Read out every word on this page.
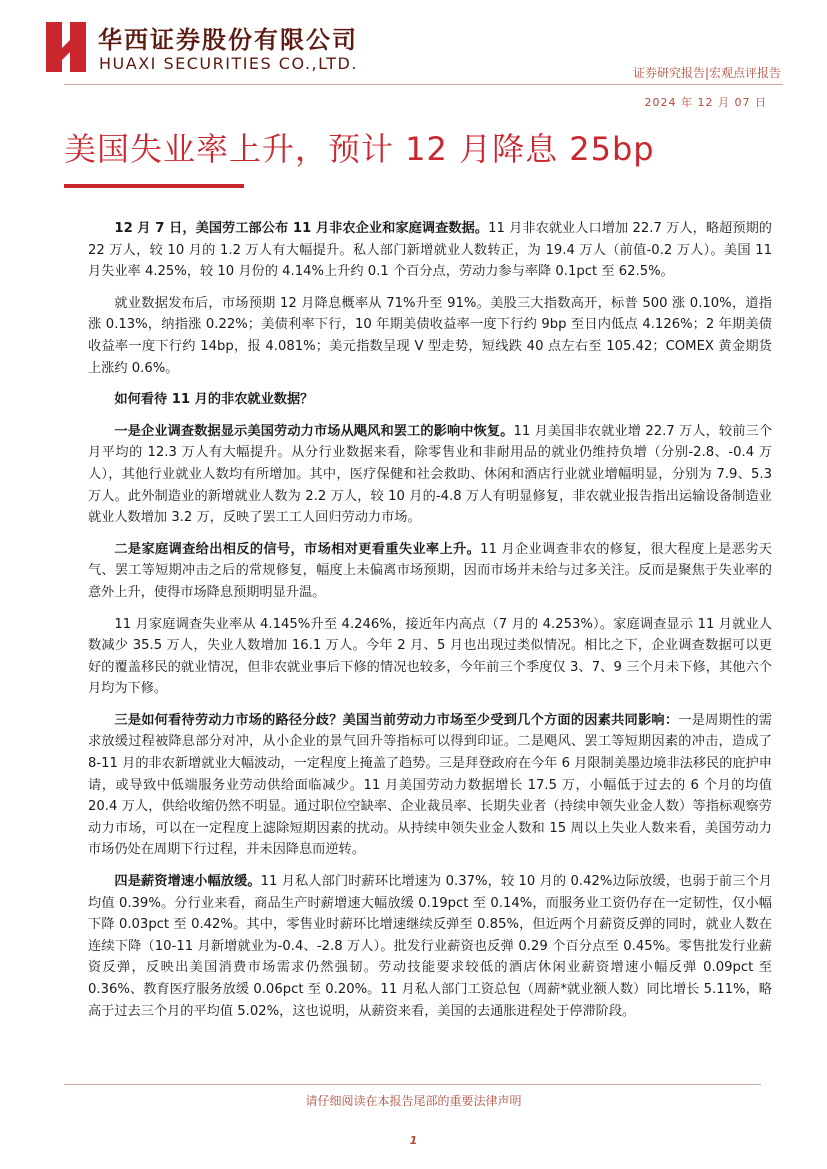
华西证券股份有限公司
HUAXI SECURITIES CO.,LTD.	证券研究报告|宏观点评报告
2024 年 12 月 07 日
美国失业率上升，预计 12 月降息 25bp

12 月 7 日，美国劳工部公布 11 月非农企业和家庭调查数据。11 月非农就业人口增加 22.7 万人，略超预期的 22 万人，较 10 月的 1.2 万人有大幅提升。私人部门新增就业人数转正，为 19.4 万人（前值-0.2 万人）。美国 11 月失业率 4.25%，较 10 月份的 4.14%上升约 0.1 个百分点，劳动力参与率降 0.1pct 至 62.5%。

就业数据发布后，市场预期 12 月降息概率从 71%升至 91%。美股三大指数高开，标普 500 涨 0.10%，道指涨 0.13%，纳指涨 0.22%；美债利率下行，10 年期美债收益率一度下行约 9bp 至日内低点 4.126%；2 年期美债收益率一度下行约 14bp，报 4.081%；美元指数呈现 V 型走势，短线跌 40 点左右至 105.42；COMEX 黄金期货上涨约 0.6%。

如何看待 11 月的非农就业数据？

一是企业调查数据显示美国劳动力市场从飓风和罢工的影响中恢复。11 月美国非农就业增 22.7 万人，较前三个月平均的 12.3 万人有大幅提升。从分行业数据来看，除零售业和非耐用品的就业仍维持负增（分别-2.8、-0.4 万人），其他行业就业人数均有所增加。其中，医疗保健和社会救助、休闲和酒店行业就业增幅明显，分别为 7.9、5.3 万人。此外制造业的新增就业人数为 2.2 万人，较 10 月的-4.8 万人有明显修复，非农就业报告指出运输设备制造业就业人数增加 3.2 万，反映了罢工工人回归劳动力市场。

二是家庭调查给出相反的信号，市场相对更看重失业率上升。11 月企业调查非农的修复，很大程度上是恶劣天气、罢工等短期冲击之后的常规修复，幅度上未偏离市场预期，因而市场并未给与过多关注。反而是聚焦于失业率的意外上升，使得市场降息预期明显升温。

11 月家庭调查失业率从 4.145%升至 4.246%，接近年内高点（7 月的 4.253%）。家庭调查显示 11 月就业人数减少 35.5 万人，失业人数增加 16.1 万人。今年 2 月、5 月也出现过类似情况。相比之下，企业调查数据可以更好的覆盖移民的就业情况，但非农就业事后下修的情况也较多，今年前三个季度仅 3、7、9 三个月未下修，其他六个月均为下修。

三是如何看待劳动力市场的路径分歧？美国当前劳动力市场至少受到几个方面的因素共同影响：一是周期性的需求放缓过程被降息部分对冲，从小企业的景气回升等指标可以得到印证。二是飓风、罢工等短期因素的冲击，造成了 8-11 月的非农新增就业大幅波动，一定程度上掩盖了趋势。三是拜登政府在今年 6 月限制美墨边境非法移民的庇护申请，或导致中低端服务业劳动供给面临减少。11 月美国劳动力数据增长 17.5 万，小幅低于过去的 6 个月的均值 20.4 万人，供给收缩仍然不明显。通过职位空缺率、企业裁员率、长期失业者（持续申领失业金人数）等指标观察劳动力市场，可以在一定程度上滤除短期因素的扰动。从持续申领失业金人数和 15 周以上失业人数来看，美国劳动力市场仍处在周期下行过程，并未因降息而逆转。

四是薪资增速小幅放缓。11 月私人部门时薪环比增速为 0.37%，较 10 月的 0.42%边际放缓，也弱于前三个月均值 0.39%。分行业来看，商品生产时薪增速大幅放缓 0.19pct 至 0.14%，而服务业工资仍存在一定韧性，仅小幅下降 0.03pct 至 0.42%。其中，零售业时薪环比增速继续反弹至 0.85%，但近两个月薪资反弹的同时，就业人数在连续下降（10-11 月新增就业为-0.4、-2.8 万人）。批发行业薪资也反弹 0.29 个百分点至 0.45%。零售批发行业薪资反弹，反映出美国消费市场需求仍然强韧。劳动技能要求较低的酒店休闲业薪资增速小幅反弹 0.09pct 至 0.36%、教育医疗服务放缓 0.06pct 至 0.20%。11 月私人部门工资总包（周薪*就业额人数）同比增长 5.11%，略高于过去三个月的平均值 5.02%，这也说明，从薪资来看，美国的去通胀进程处于停滞阶段。

请仔细阅读在本报告尾部的重要法律声明
1
